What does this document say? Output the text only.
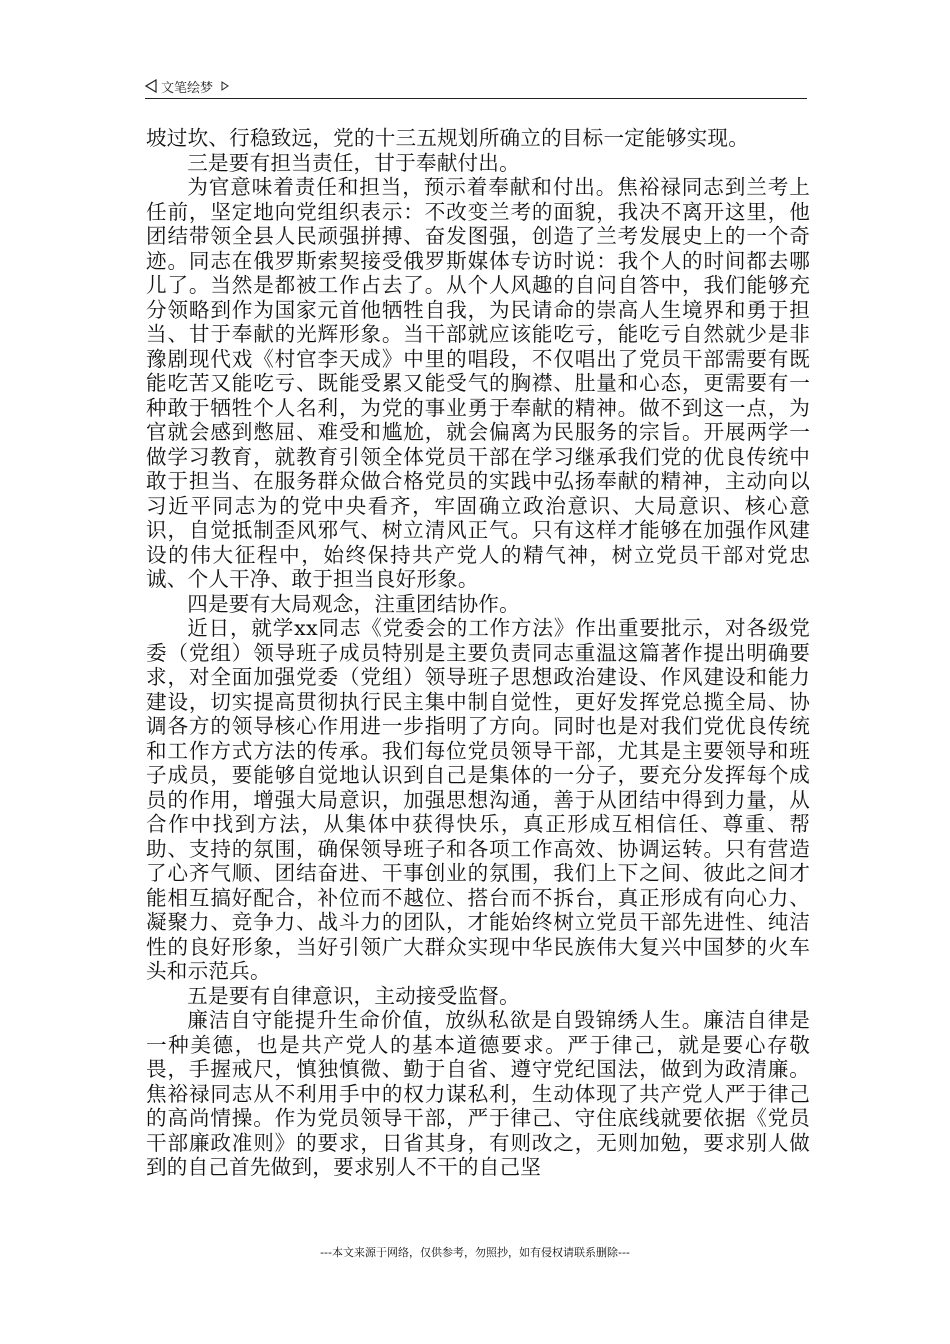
文笔绘梦

坡过坎、行稳致远，党的十三五规划所确立的目标一定能够实现。

三是要有担当责任，甘于奉献付出。

为官意味着责任和担当，预示着奉献和付出。焦裕禄同志到兰考上任前，坚定地向党组织表示：不改变兰考的面貌，我决不离开这里，他团结带领全县人民顽强拼搏、奋发图强，创造了兰考发展史上的一个奇迹。同志在俄罗斯索契接受俄罗斯媒体专访时说：我个人的时间都去哪儿了。当然是都被工作占去了。从个人风趣的自问自答中，我们能够充分领略到作为国家元首他牺牲自我，为民请命的崇高人生境界和勇于担当、甘于奉献的光辉形象。当干部就应该能吃亏，能吃亏自然就少是非豫剧现代戏《村官李天成》中里的唱段，不仅唱出了党员干部需要有既能吃苦又能吃亏、既能受累又能受气的胸襟、肚量和心态，更需要有一种敢于牺牲个人名利，为党的事业勇于奉献的精神。做不到这一点，为官就会感到憋屈、难受和尴尬，就会偏离为民服务的宗旨。开展两学一做学习教育，就教育引领全体党员干部在学习继承我们党的优良传统中敢于担当、在服务群众做合格党员的实践中弘扬奉献的精神，主动向以习近平同志为的党中央看齐，牢固确立政治意识、大局意识、核心意识，自觉抵制歪风邪气、树立清风正气。只有这样才能够在加强作风建设的伟大征程中，始终保持共产党人的精气神，树立党员干部对党忠诚、个人干净、敢于担当良好形象。

四是要有大局观念，注重团结协作。

近日，就学xx同志《党委会的工作方法》作出重要批示，对各级党委（党组）领导班子成员特别是主要负责同志重温这篇著作提出明确要求，对全面加强党委（党组）领导班子思想政治建设、作风建设和能力建设，切实提高贯彻执行民主集中制自觉性，更好发挥党总揽全局、协调各方的领导核心作用进一步指明了方向。同时也是对我们党优良传统和工作方式方法的传承。我们每位党员领导干部，尤其是主要领导和班子成员，要能够自觉地认识到自己是集体的一分子，要充分发挥每个成员的作用，增强大局意识，加强思想沟通，善于从团结中得到力量，从合作中找到方法，从集体中获得快乐，真正形成互相信任、尊重、帮助、支持的氛围，确保领导班子和各项工作高效、协调运转。只有营造了心齐气顺、团结奋进、干事创业的氛围，我们上下之间、彼此之间才能相互搞好配合，补位而不越位、搭台而不拆台，真正形成有向心力、凝聚力、竞争力、战斗力的团队，才能始终树立党员干部先进性、纯洁性的良好形象，当好引领广大群众实现中华民族伟大复兴中国梦的火车头和示范兵。

五是要有自律意识，主动接受监督。

廉洁自守能提升生命价值，放纵私欲是自毁锦绣人生。廉洁自律是一种美德，也是共产党人的基本道德要求。严于律己，就是要心存敬畏，手握戒尺，慎独慎微、勤于自省、遵守党纪国法，做到为政清廉。焦裕禄同志从不利用手中的权力谋私利，生动体现了共产党人严于律己的高尚情操。作为党员领导干部，严于律己、守住底线就要依据《党员干部廉政准则》的要求，日省其身，有则改之，无则加勉，要求别人做到的自己首先做到，要求别人不干的自己坚

---本文来源于网络，仅供参考，勿照抄，如有侵权请联系删除---
